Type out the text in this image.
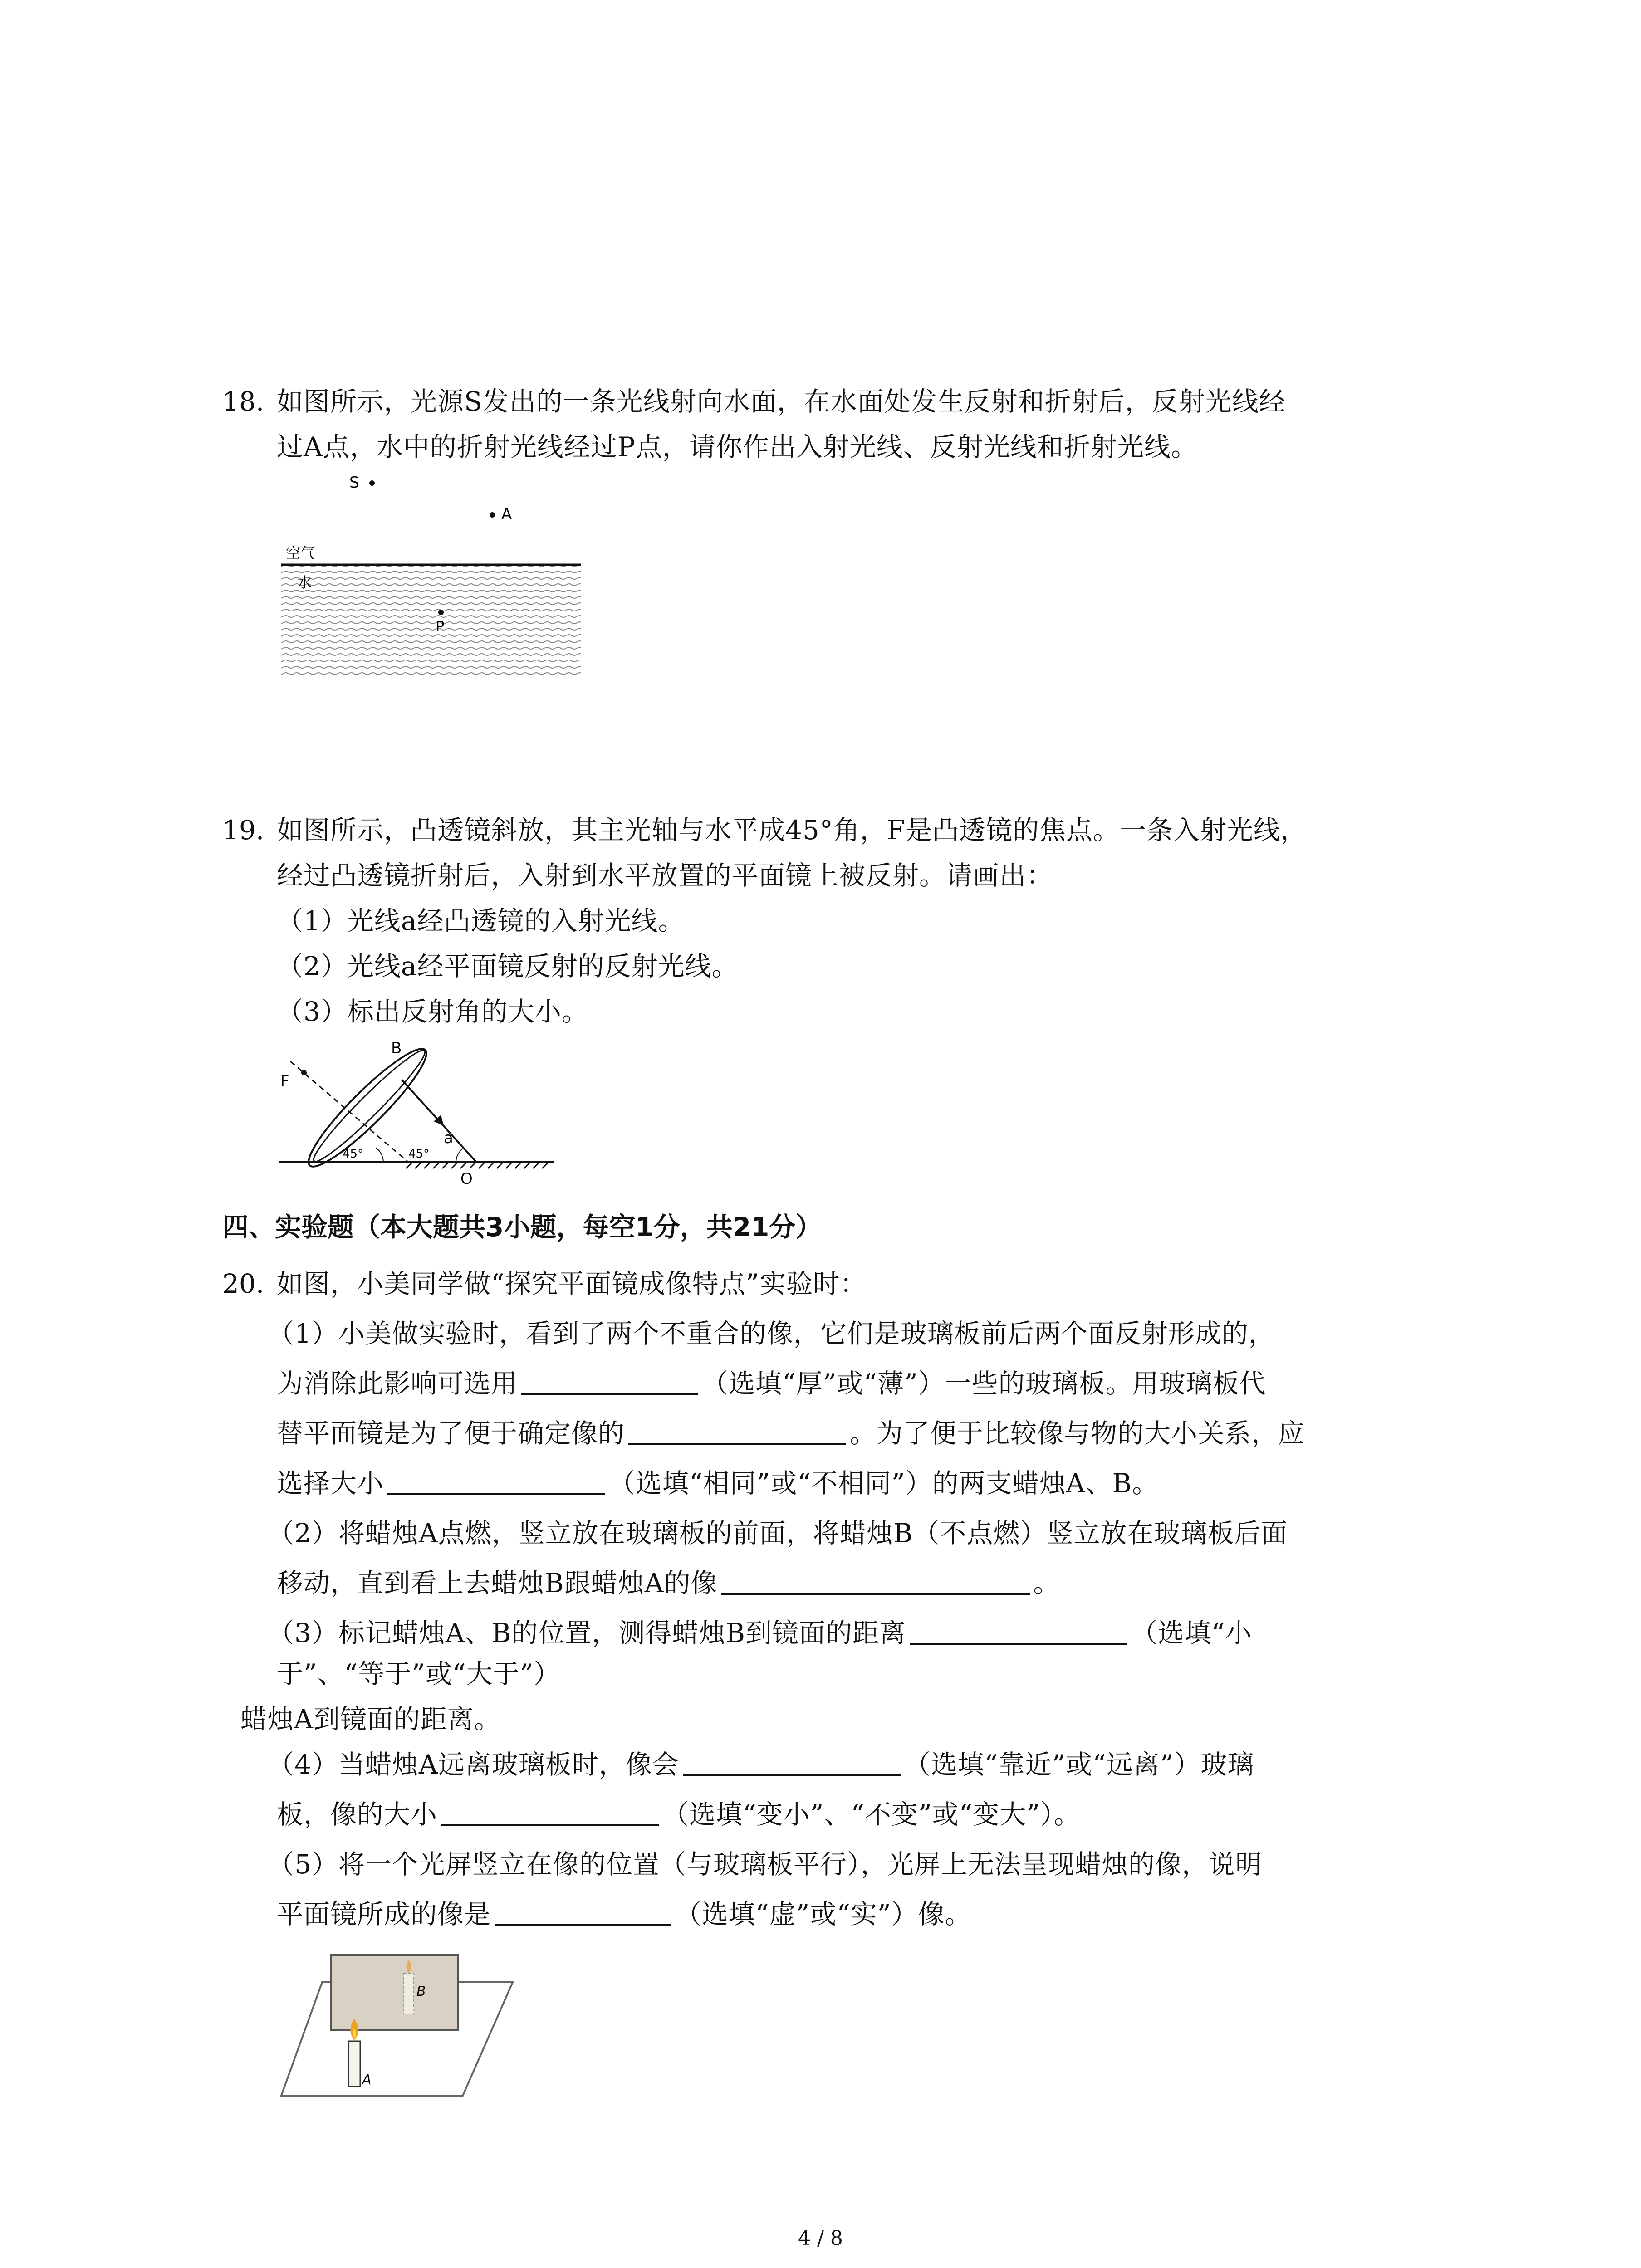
18. 如图所示，光源S发出的一条光线射向水面，在水面处发生反射和折射后，反射光线经
过A点，水中的折射光线经过P点，请你作出入射光线、反射光线和折射光线。
S
A
空气
水
P
19. 如图所示，凸透镜斜放，其主光轴与水平成45°角，F是凸透镜的焦点。一条入射光线，
经过凸透镜折射后，入射到水平放置的平面镜上被反射。请画出：
（1）光线a经凸透镜的入射光线。
（2）光线a经平面镜反射的反射光线。
（3）标出反射角的大小。
B
F
a
45°	45°
O
四、实验题（本大题共3小题，每空1分，共21分）
20. 如图，小美同学做“探究平面镜成像特点”实验时：
（1）小美做实验时，看到了两个不重合的像，它们是玻璃板前后两个面反射形成的，
为消除此影响可选用	（选填“厚”或“薄”）一些的玻璃板。用玻璃板代
替平面镜是为了便于确定像的	。为了便于比较像与物的大小关系，应
选择大小	（选填“相同”或“不相同”）的两支蜡烛A、B。
（2）将蜡烛A点燃，竖立放在玻璃板的前面，将蜡烛B（不点燃）竖立放在玻璃板后面
移动，直到看上去蜡烛B跟蜡烛A的像	。
（3）标记蜡烛A、B的位置，测得蜡烛B到镜面的距离	（选填“小
于”、“等于”或“大于”）
蜡烛A到镜面的距离。
（4）当蜡烛A远离玻璃板时，像会	（选填“靠近”或“远离”）玻璃
板，像的大小	（选填“变小”、“不变”或“变大”）。
（5）将一个光屏竖立在像的位置（与玻璃板平行），光屏上无法呈现蜡烛的像，说明
平面镜所成的像是	（选填“虚”或“实”）像。
B
A
4 / 8
